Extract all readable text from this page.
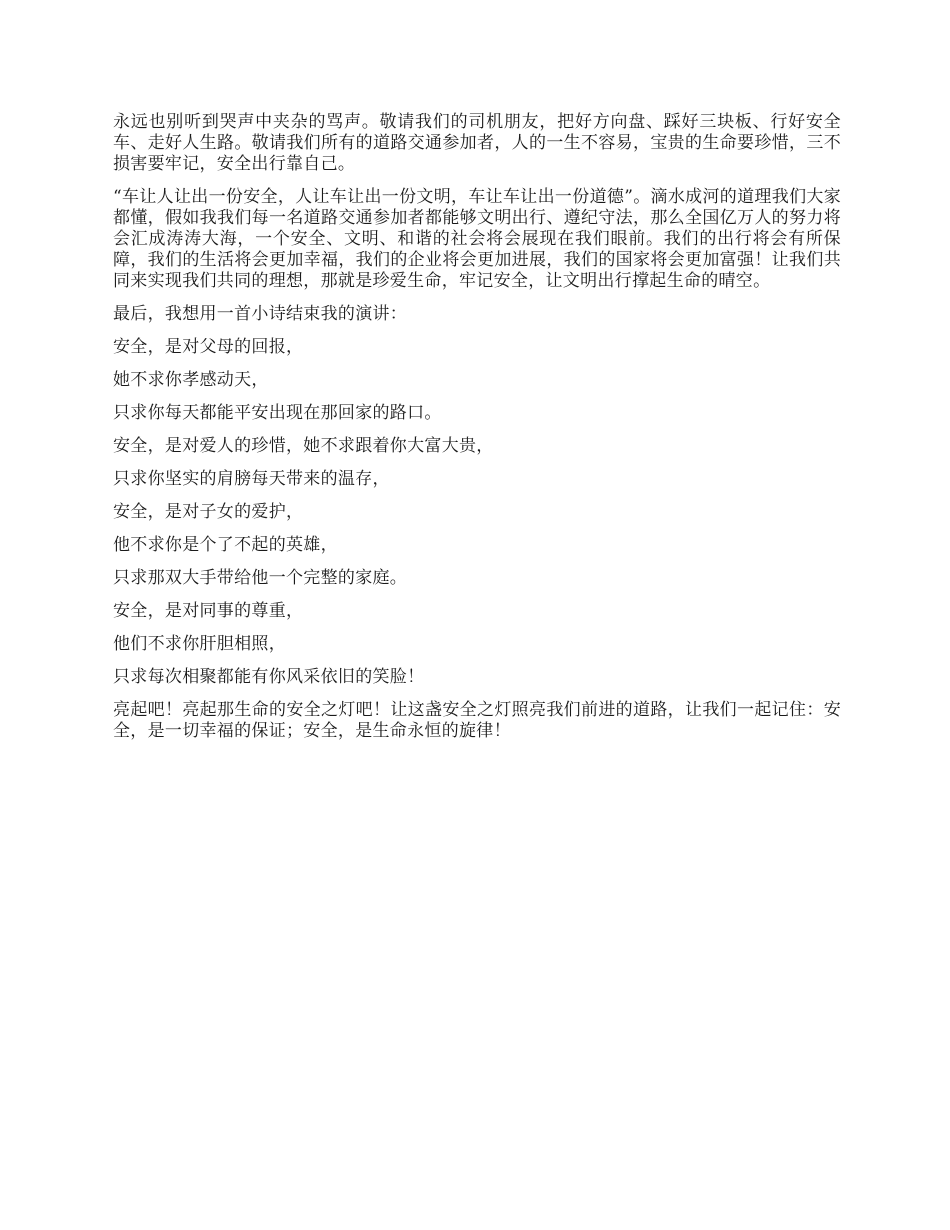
永远也别听到哭声中夹杂的骂声。敬请我们的司机朋友，把好方向盘、踩好三块板、行好安全车、走好人生路。敬请我们所有的道路交通参加者，人的一生不容易，宝贵的生命要珍惜，三不损害要牢记，安全出行靠自己。

“车让人让出一份安全，人让车让出一份文明，车让车让出一份道德”。滴水成河的道理我们大家都懂，假如我我们每一名道路交通参加者都能够文明出行、遵纪守法，那么全国亿万人的努力将会汇成涛涛大海，一个安全、文明、和谐的社会将会展现在我们眼前。我们的出行将会有所保障，我们的生活将会更加幸福，我们的企业将会更加进展，我们的国家将会更加富强！让我们共同来实现我们共同的理想，那就是珍爱生命，牢记安全，让文明出行撑起生命的晴空。

最后，我想用一首小诗结束我的演讲：

安全，是对父母的回报，

她不求你孝感动天，

只求你每天都能平安出现在那回家的路口。

安全，是对爱人的珍惜，她不求跟着你大富大贵，

只求你坚实的肩膀每天带来的温存，

安全，是对子女的爱护，

他不求你是个了不起的英雄，

只求那双大手带给他一个完整的家庭。

安全，是对同事的尊重，

他们不求你肝胆相照，

只求每次相聚都能有你风采依旧的笑脸！

亮起吧！亮起那生命的安全之灯吧！让这盏安全之灯照亮我们前进的道路，让我们一起记住：安全，是一切幸福的保证；安全，是生命永恒的旋律！
